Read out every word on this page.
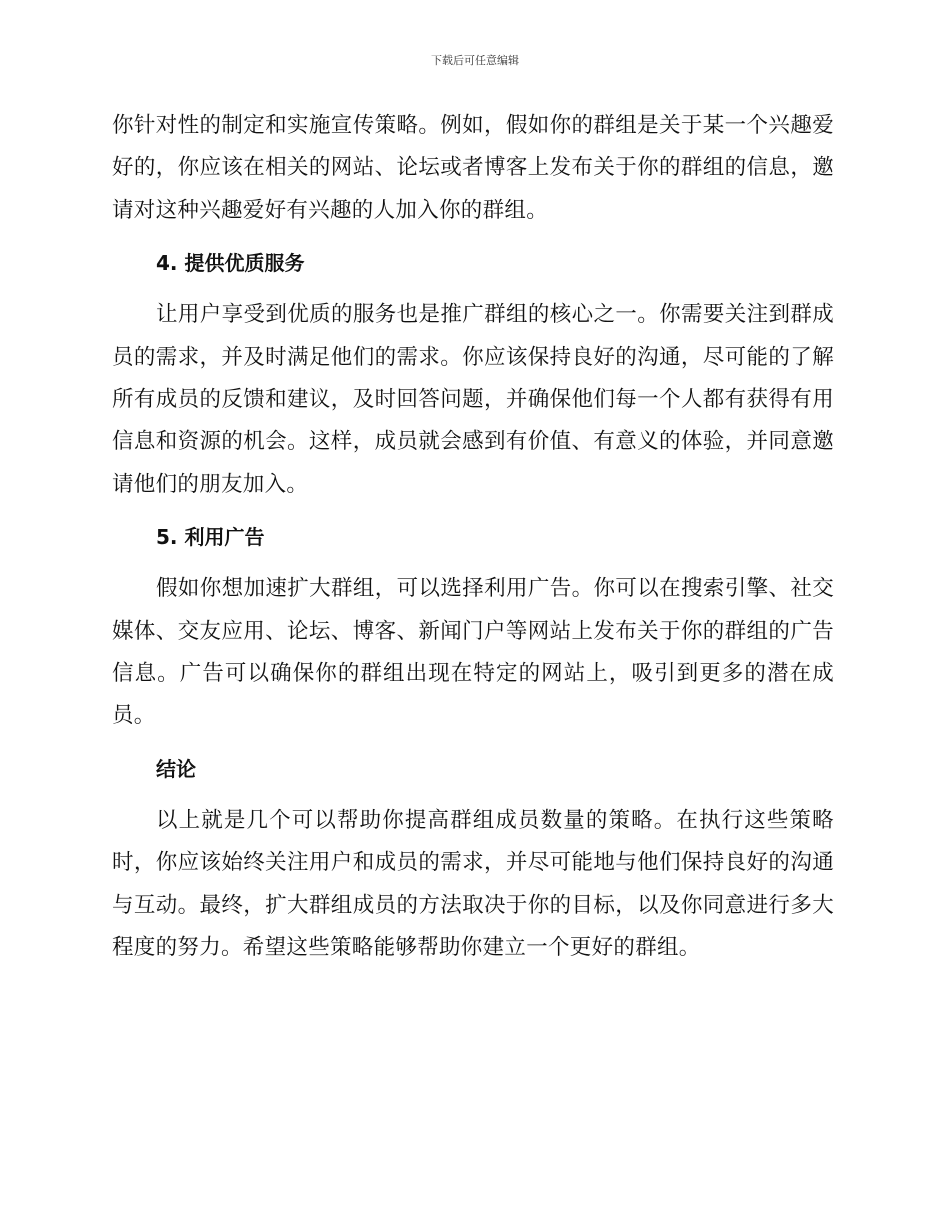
下载后可任意编辑

你针对性的制定和实施宣传策略。例如，假如你的群组是关于某一个兴趣爱好的，你应该在相关的网站、论坛或者博客上发布关于你的群组的信息，邀请对这种兴趣爱好有兴趣的人加入你的群组。

4. 提供优质服务

让用户享受到优质的服务也是推广群组的核心之一。你需要关注到群成员的需求，并及时满足他们的需求。你应该保持良好的沟通，尽可能的了解所有成员的反馈和建议，及时回答问题，并确保他们每一个人都有获得有用信息和资源的机会。这样，成员就会感到有价值、有意义的体验，并同意邀请他们的朋友加入。

5. 利用广告

假如你想加速扩大群组，可以选择利用广告。你可以在搜索引擎、社交媒体、交友应用、论坛、博客、新闻门户等网站上发布关于你的群组的广告信息。广告可以确保你的群组出现在特定的网站上，吸引到更多的潜在成员。

结论

以上就是几个可以帮助你提高群组成员数量的策略。在执行这些策略时，你应该始终关注用户和成员的需求，并尽可能地与他们保持良好的沟通与互动。最终，扩大群组成员的方法取决于你的目标，以及你同意进行多大程度的努力。希望这些策略能够帮助你建立一个更好的群组。
